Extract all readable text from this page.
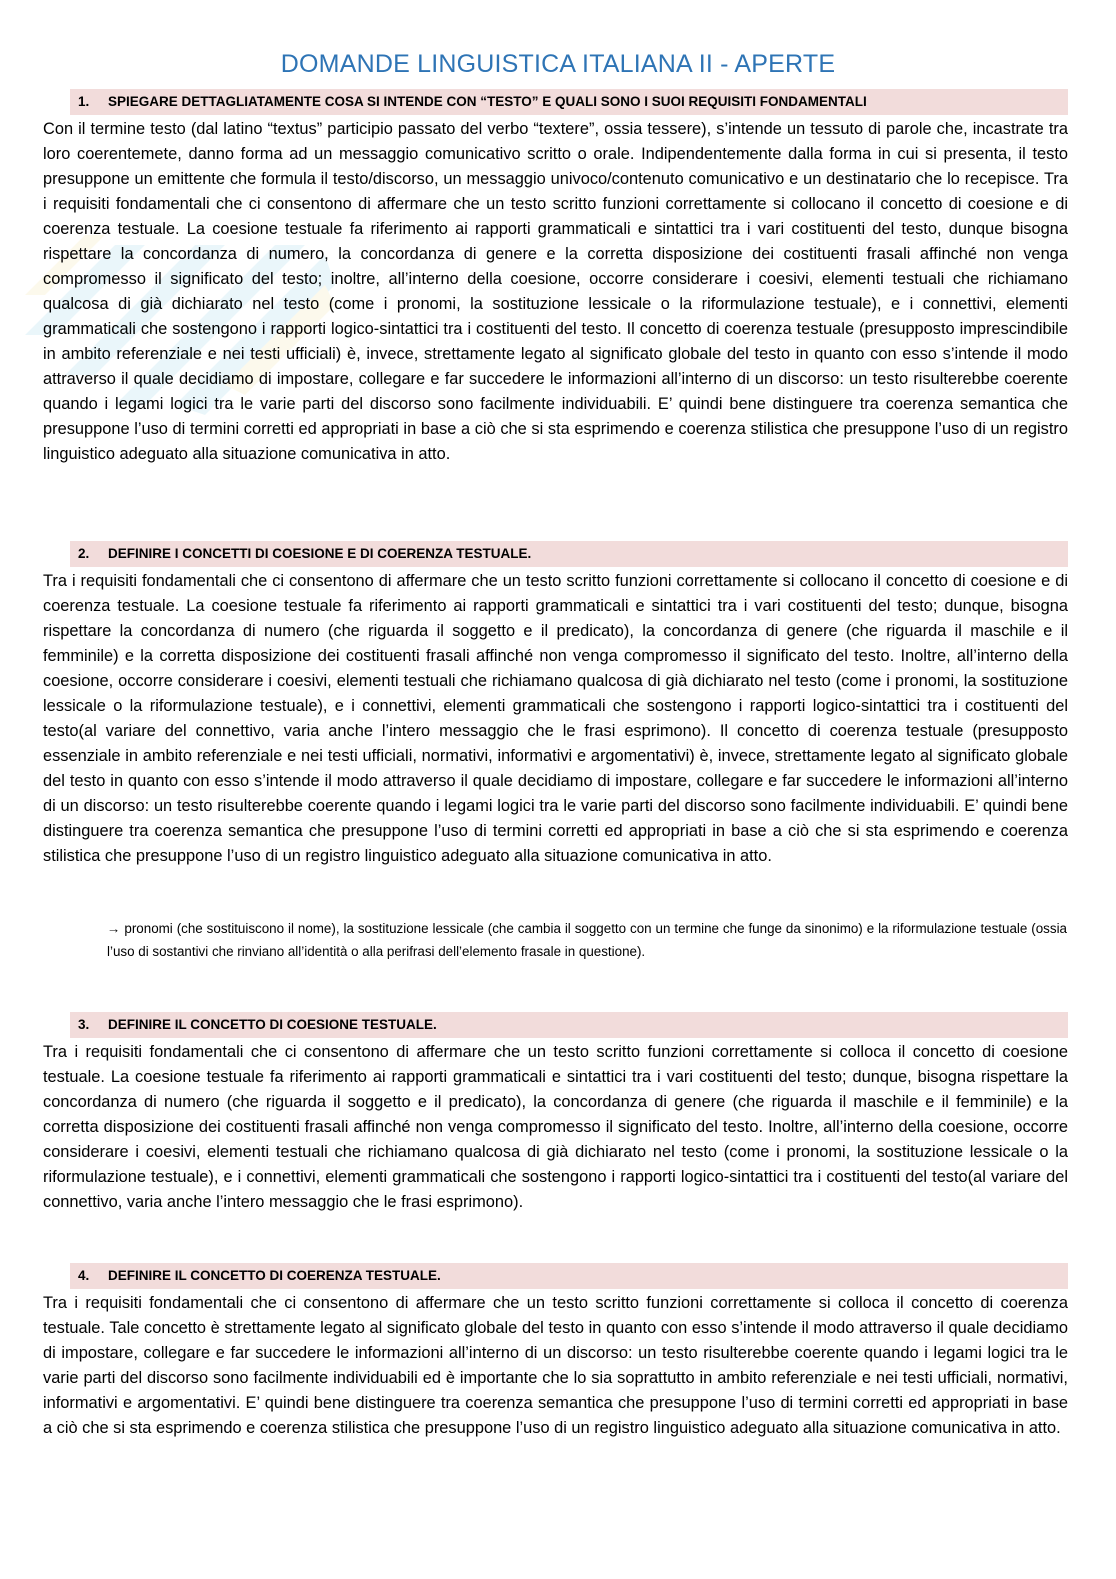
DOMANDE LINGUISTICA ITALIANA II - APERTE
1. SPIEGARE DETTAGLIATAMENTE COSA SI INTENDE CON “TESTO” E QUALI SONO I SUOI REQUISITI FONDAMENTALI
Con il termine testo (dal latino “textus” participio passato del verbo “textere”, ossia tessere), s’intende un tessuto di parole che, incastrate tra loro coerentemete, danno forma ad un messaggio comunicativo scritto o orale. Indipendentemente dalla forma in cui si presenta, il testo presuppone un emittente che formula il testo/discorso, un messaggio univoco/contenuto comunicativo e un destinatario che lo recepisce. Tra i requisiti fondamentali che ci consentono di affermare che un testo scritto funzioni correttamente si collocano il concetto di coesione e di coerenza testuale. La coesione testuale fa riferimento ai rapporti grammaticali e sintattici tra i vari costituenti del testo, dunque bisogna rispettare la concordanza di numero, la concordanza di genere e la corretta disposizione dei costituenti frasali affinché non venga compromesso il significato del testo; inoltre, all’interno della coesione, occorre considerare i coesivi, elementi testuali che richiamano qualcosa di già dichiarato nel testo (come i pronomi, la sostituzione lessicale o la riformulazione testuale), e i connettivi, elementi grammaticali che sostengono i rapporti logico-sintattici tra i costituenti del testo. Il concetto di coerenza testuale (presupposto imprescindibile in ambito referenziale e nei testi ufficiali) è, invece, strettamente legato al significato globale del testo in quanto con esso s’intende il modo attraverso il quale decidiamo di impostare, collegare e far succedere le informazioni all’interno di un discorso: un testo risulterebbe coerente quando i legami logici tra le varie parti del discorso sono facilmente individuabili. E’ quindi bene distinguere tra coerenza semantica che presuppone l’uso di termini corretti ed appropriati in base a ciò che si sta esprimendo e coerenza stilistica che presuppone l’uso di un registro linguistico adeguato alla situazione comunicativa in atto.
2. DEFINIRE I CONCETTI DI COESIONE E DI COERENZA TESTUALE.
Tra i requisiti fondamentali che ci consentono di affermare che un testo scritto funzioni correttamente si collocano il concetto di coesione e di coerenza testuale. La coesione testuale fa riferimento ai rapporti grammaticali e sintattici tra i vari costituenti del testo; dunque, bisogna rispettare la concordanza di numero (che riguarda il soggetto e il predicato), la concordanza di genere (che riguarda il maschile e il femminile) e la corretta disposizione dei costituenti frasali affinché non venga compromesso il significato del testo. Inoltre, all’interno della coesione, occorre considerare i coesivi, elementi testuali che richiamano qualcosa di già dichiarato nel testo (come i pronomi, la sostituzione lessicale o la riformulazione testuale), e i connettivi, elementi grammaticali che sostengono i rapporti logico-sintattici tra i costituenti del testo(al variare del connettivo, varia anche l’intero messaggio che le frasi esprimono). Il concetto di coerenza testuale (presupposto essenziale in ambito referenziale e nei testi ufficiali, normativi, informativi e argomentativi) è, invece, strettamente legato al significato globale del testo in quanto con esso s’intende il modo attraverso il quale decidiamo di impostare, collegare e far succedere le informazioni all’interno di un discorso: un testo risulterebbe coerente quando i legami logici tra le varie parti del discorso sono facilmente individuabili. E’ quindi bene distinguere tra coerenza semantica che presuppone l’uso di termini corretti ed appropriati in base a ciò che si sta esprimendo e coerenza stilistica che presuppone l’uso di un registro linguistico adeguato alla situazione comunicativa in atto.
→ pronomi (che sostituiscono il nome), la sostituzione lessicale (che cambia il soggetto con un termine che funge da sinonimo) e la riformulazione testuale (ossia l’uso di sostantivi che rinviano all’identità o alla perifrasi dell’elemento frasale in questione).
3. DEFINIRE IL CONCETTO DI COESIONE TESTUALE.
Tra i requisiti fondamentali che ci consentono di affermare che un testo scritto funzioni correttamente si colloca il concetto di coesione testuale. La coesione testuale fa riferimento ai rapporti grammaticali e sintattici tra i vari costituenti del testo; dunque, bisogna rispettare la concordanza di numero (che riguarda il soggetto e il predicato), la concordanza di genere (che riguarda il maschile e il femminile) e la corretta disposizione dei costituenti frasali affinché non venga compromesso il significato del testo. Inoltre, all’interno della coesione, occorre considerare i coesivi, elementi testuali che richiamano qualcosa di già dichiarato nel testo (come i pronomi, la sostituzione lessicale o la riformulazione testuale), e i connettivi, elementi grammaticali che sostengono i rapporti logico-sintattici tra i costituenti del testo(al variare del connettivo, varia anche l’intero messaggio che le frasi esprimono).
4. DEFINIRE IL CONCETTO DI COERENZA TESTUALE.
Tra i requisiti fondamentali che ci consentono di affermare che un testo scritto funzioni correttamente si colloca il concetto di coerenza testuale. Tale concetto è strettamente legato al significato globale del testo in quanto con esso s’intende il modo attraverso il quale decidiamo di impostare, collegare e far succedere le informazioni all’interno di un discorso: un testo risulterebbe coerente quando i legami logici tra le varie parti del discorso sono facilmente individuabili ed è importante che lo sia soprattutto in ambito referenziale e nei testi ufficiali, normativi, informativi e argomentativi. E’ quindi bene distinguere tra coerenza semantica che presuppone l’uso di termini corretti ed appropriati in base a ciò che si sta esprimendo e coerenza stilistica che presuppone l’uso di un registro linguistico adeguato alla situazione comunicativa in atto.
